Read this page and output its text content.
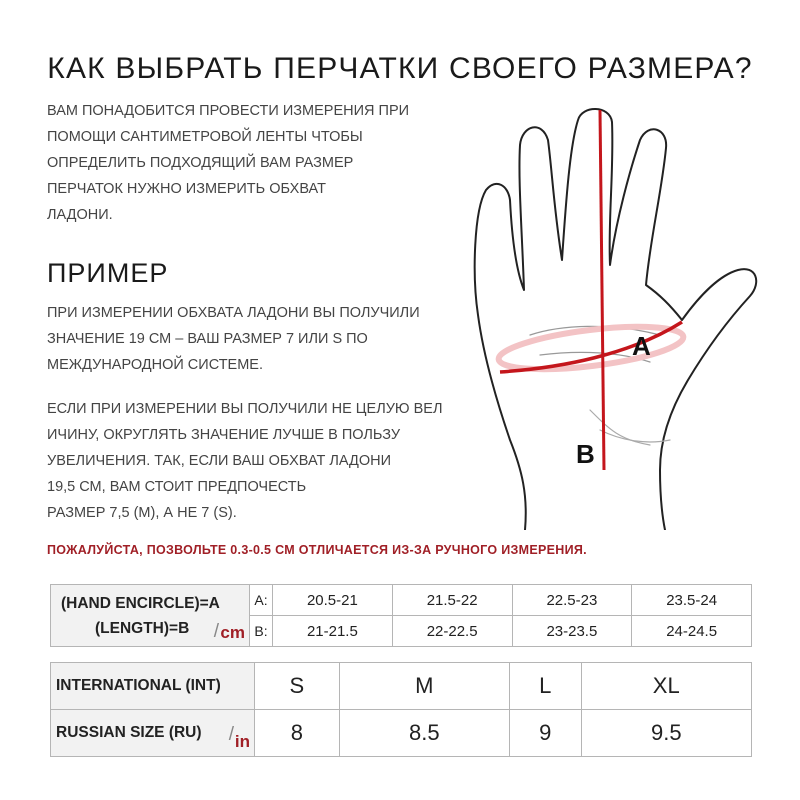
КАК ВЫБРАТЬ ПЕРЧАТКИ СВОЕГО РАЗМЕРА?
ВАМ ПОНАДОБИТСЯ ПРОВЕСТИ ИЗМЕРЕНИЯ ПРИ
ПОМОЩИ САНТИМЕТРОВОЙ ЛЕНТЫ ЧТОБЫ
ОПРЕДЕЛИТЬ ПОДХОДЯЩИЙ ВАМ РАЗМЕР
ПЕРЧАТОК НУЖНО ИЗМЕРИТЬ ОБХВАТ
ЛАДОНИ.
ПРИМЕР
ПРИ ИЗМЕРЕНИИ ОБХВАТА ЛАДОНИ ВЫ ПОЛУЧИЛИ
ЗНАЧЕНИЕ 19 СМ – ВАШ РАЗМЕР 7 ИЛИ S ПО
МЕЖДУНАРОДНОЙ СИСТЕМЕ.
ЕСЛИ ПРИ ИЗМЕРЕНИИ ВЫ ПОЛУЧИЛИ НЕ ЦЕЛУЮ ВЕЛ
ИЧИНУ, ОКРУГЛЯТЬ ЗНАЧЕНИЕ ЛУЧШЕ В ПОЛЬЗУ
УВЕЛИЧЕНИЯ. ТАК, ЕСЛИ ВАШ ОБХВАТ ЛАДОНИ
19,5 СМ, ВАМ СТОИТ ПРЕДПОЧЕСТЬ
РАЗМЕР 7,5 (М), А НЕ 7 (S).
A
B
ПОЖАЛУЙСТА, ПОЗВОЛЬТЕ 0.3-0.5 СМ ОТЛИЧАЕТСЯ ИЗ-ЗА РУЧНОГО ИЗМЕРЕНИЯ.
(HAND ENCIRCLE)=A
(LENGTH)=B / cm	A:	20.5-21	21.5-22	22.5-23	23.5-24
	B:	21-21.5	22-22.5	23-23.5	24-24.5
INTERNATIONAL (INT)	S	M	L	XL
RUSSIAN SIZE (RU) / in	8	8.5	9	9.5
